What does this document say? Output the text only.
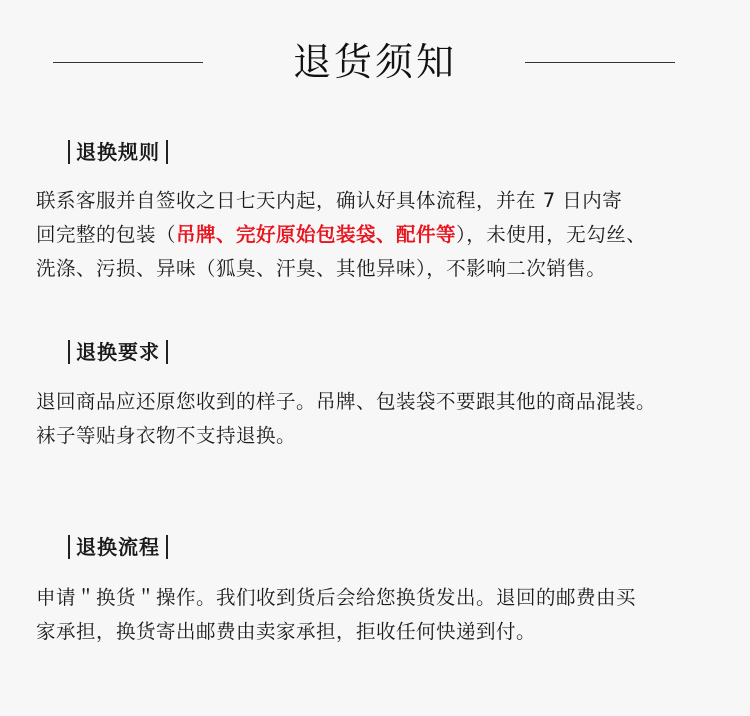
退货须知
退换规则
联系客服并自签收之日七天内起，确认好具体流程，并在 7 日内寄
回完整的包装（吊牌、完好原始包装袋、配件等），未使用，无勾丝、
洗涤、污损、异味（狐臭、汗臭、其他异味），不影响二次销售。
退换要求
退回商品应还原您收到的样子。吊牌、包装袋不要跟其他的商品混装。
袜子等贴身衣物不支持退换。
退换流程
申请＂换货＂操作。我们收到货后会给您换货发出。退回的邮费由买
家承担，换货寄出邮费由卖家承担，拒收任何快递到付。
